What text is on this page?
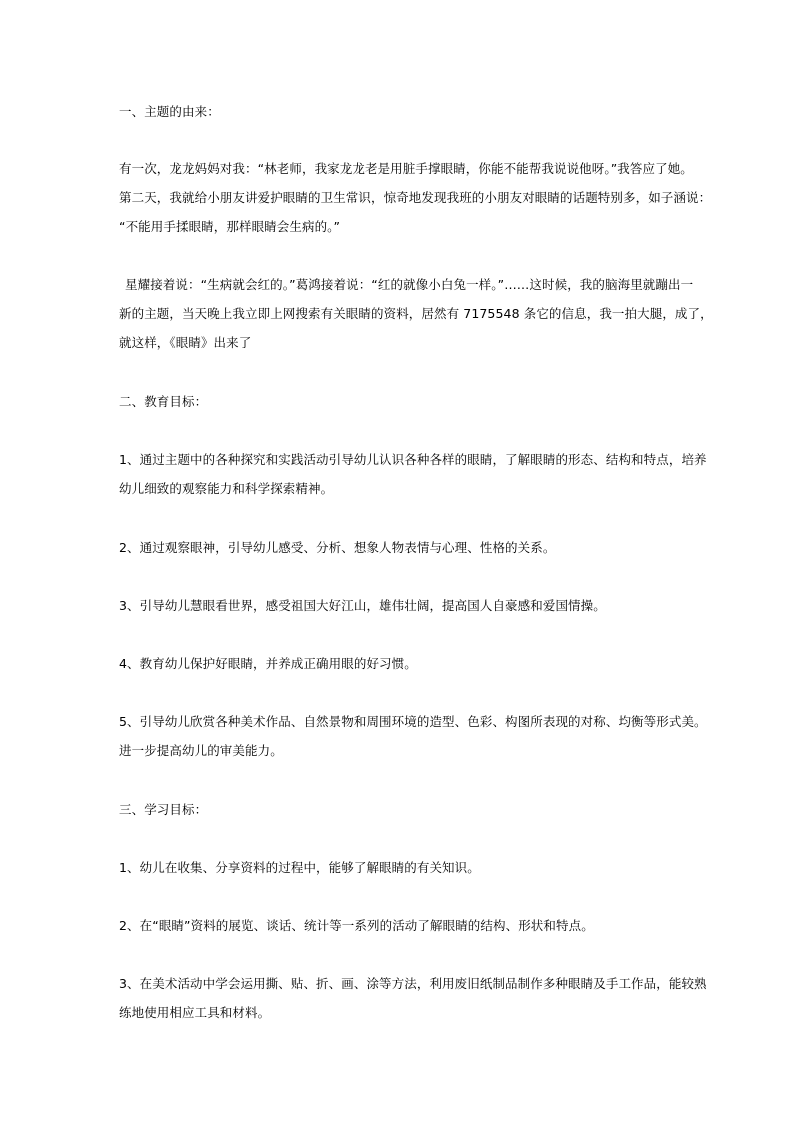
一、主题的由来：
有一次，龙龙妈妈对我：“林老师，我家龙龙老是用脏手撑眼睛，你能不能帮我说说他呀。”我答应了她。
第二天，我就给小朋友讲爱护眼睛的卫生常识，惊奇地发现我班的小朋友对眼睛的话题特别多，如子涵说：
“不能用手揉眼睛，那样眼睛会生病的。”
星耀接着说：“生病就会红的。”葛鸿接着说：“红的就像小白兔一样。”……这时候，我的脑海里就蹦出一
新的主题，当天晚上我立即上网搜索有关眼睛的资料，居然有 7175548 条它的信息，我一拍大腿，成了，
就这样，《眼睛》出来了
二、教育目标：
1、通过主题中的各种探究和实践活动引导幼儿认识各种各样的眼睛，了解眼睛的形态、结构和特点，培养
幼儿细致的观察能力和科学探索精神。
2、通过观察眼神，引导幼儿感受、分析、想象人物表情与心理、性格的关系。
3、引导幼儿慧眼看世界，感受祖国大好江山，雄伟壮阔，提高国人自豪感和爱国情操。
4、教育幼儿保护好眼睛，并养成正确用眼的好习惯。
5、引导幼儿欣赏各种美术作品、自然景物和周围环境的造型、色彩、构图所表现的对称、均衡等形式美。
进一步提高幼儿的审美能力。
三、学习目标：
1、幼儿在收集、分享资料的过程中，能够了解眼睛的有关知识。
2、在“眼睛”资料的展览、谈话、统计等一系列的活动了解眼睛的结构、形状和特点。
3、在美术活动中学会运用撕、贴、折、画、涂等方法，利用废旧纸制品制作多种眼睛及手工作品，能较熟
练地使用相应工具和材料。
